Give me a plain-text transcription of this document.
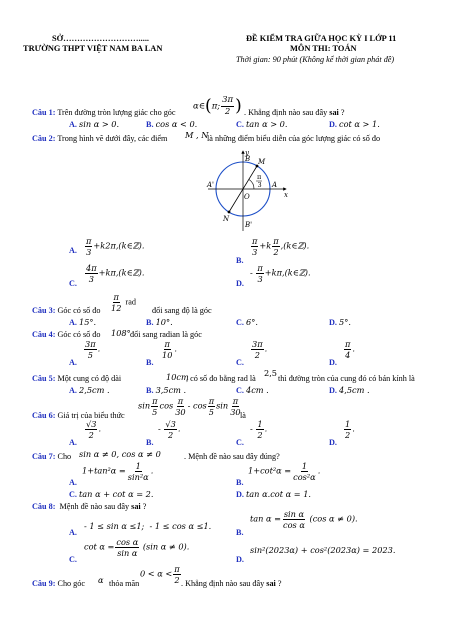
SỞ……………………….....
TRƯỜNG THPT VIỆT NAM BA LAN
ĐỀ KIỂM TRA GIỮA HỌC KỲ I LỚP 11
MÔN THI: TOÁN
Thời gian: 90 phút (Không kể thời gian phát đề)
α∈(π; $\frac{3\pi}{2}$ )
Câu 1: Trên đường tròn lượng giác cho góc	. Khẳng định nào sau đây sai ?
A. sin α > 0.	B. cos α < 0.	C. tan α > 0.	D. cot α > 1.
Câu 2: Trong hình vẽ dưới đây, các điểm M , N
là những điểm biểu diễn của góc lượng giác có số đo
y
x
B M
A
A'
O
N
B'
π
3
A. $\frac{\pi}{3}$ +k2π,(k∈ℤ).
B.
$\frac{\pi}{3} +k \frac{\pi}{2}$ ,(k∈ℤ).
C.
$\frac{4\pi}{3}$ +kπ,(k∈ℤ).
D.
- $\frac{\pi}{3}$ +kπ,(k∈ℤ).
Câu 3: Góc có số đo $\frac{\pi}{12}$ rad
đổi sang độ là góc
A. 15°.	B. 10°.	C. 6°.	D. 5°.
Câu 4: Góc có số đo 108° đổi sang radian là góc
A.
$\frac{3\pi}{5}$ .
B.
$\frac{\pi}{10}$ .
C.
$\frac{3\pi}{2}$ .
D.
$\frac{\pi}{4}$ .
Câu 5: Một cung có độ dài	10cm
, có số đo bằng rad là
2,5
thì đường tròn của cung đó có bán kính là
A. 2,5cm .	B. 3,5cm .	C. 4cm .	D. 4,5cm .
Câu 6: Giá trị của biểu thức
$\sin \frac{\pi}{5}$ $\cos \frac{\pi}{30}$ - $\cos \frac{\pi}{5}$ $\sin \frac{\pi}{30}$
là
A.
$\frac{√3}{2}$ .
B.
- $\frac{√3}{2}$ .
C.
- $\frac{1}{2}$ .
D.
$\frac{1}{2}$ .
Câu 7: Cho sin α ≠ 0, cos α ≠ 0	. Mệnh đề nào sau đây đúng?
A.
$1+\tan^2\alpha = \frac{1}{\text{sin²α}}$ .
B.
$1+\cot^2\alpha = \frac{1}{\text{cos²α}}$ .
C. tan α + cot α = 2.	D. tan α.cot α = 1.
Câu 8: Mệnh đề nào sau đây sai ?
A.
- 1 ≤ sin α ≤1;  - 1 ≤ cos α ≤1.
B.
$\tan \alpha = \frac{\text{sin α}}{\text{cos α}} (\cos$ α ≠ 0).
C.
$\cot \alpha = \frac{\text{cos α}}{\text{sin α}} (\sin$ α ≠ 0).
D.
sin²(2023α) + cos²(2023α) = 2023.
Câu 9: Cho góc α thỏa mãn
$0 < \alpha < \frac{\pi}{2}$ . Khẳng định nào sau đây sai ?
